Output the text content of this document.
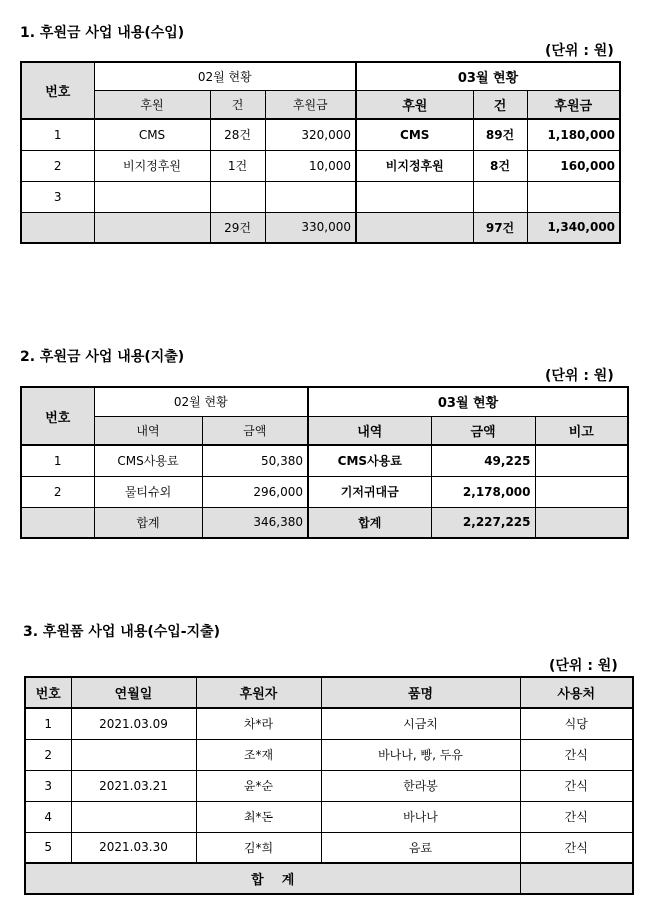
1. 후원금 사업 내용(수입)
(단위 : 원)
번호	02월 현황			03월 현황		
	후원	건	후원금	후원	건	후원금
1	CMS	28건	320,000	CMS	89건	1,180,000
2	비지정후원	1건	10,000	비지정후원	8건	160,000
3						
		29건	330,000		97건	1,340,000
2. 후원금 사업 내용(지출)
(단위 : 원)
번호	02월 현황		03월 현황		
	내역	금액	내역	금액	비고
1	CMS사용료	50,380	CMS사용료	49,225	
2	물티슈외	296,000	기저귀대금	2,178,000	
	합계	346,380	합계	2,227,225	
3. 후원품 사업 내용(수입-지출)
(단위 : 원)
번호	연월일	후원자	품명	사용처
1	2021.03.09	차*라	시금치	식당
2		조*재	바나나, 빵, 두유	간식
3	2021.03.21	윤*순	한라봉	간식
4		최*돈	바나나	간식
5	2021.03.30	김*희	음료	간식
합    계				
